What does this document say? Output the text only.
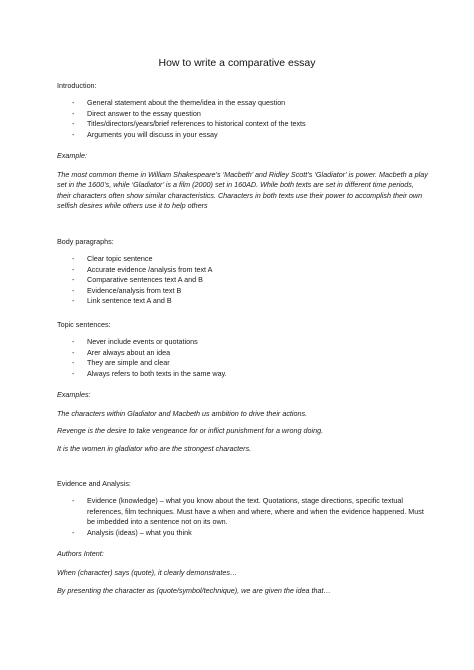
How to write a comparative essay
Introduction:
- General statement about the theme/idea in the essay question
- Direct answer to the essay question
- Titles/directors/years/brief references to historical context of the texts
- Arguments you will discuss in your essay
Example:
The most common theme in William Shakespeare’s ‘Macbeth’ and Ridley Scott’s ‘Gladiator’ is power. Macbeth a play set in the 1600’s, while ‘Gladiator’ is a film (2000) set in 160AD. While both texts are set in different time periods, their characters often show similar characteristics. Characters in both texts use their power to accomplish their own selfish desires while others use it to help others
Body paragraphs:
- Clear topic sentence
- Accurate evidence /analysis from text A
- Comparative sentences text A and B
- Evidence/analysis from text B
- Link sentence text A and B
Topic sentences:
- Never include events or quotations
- Arer always about an idea
- They are simple and clear
- Always refers to both texts in the same way.
Examples:
The characters within Gladiator and Macbeth us ambition to drive their actions.
Revenge is the desire to take vengeance for or inflict punishment for a wrong doing.
It is the women in gladiator who are the strongest characters.
Evidence and Analysis:
- Evidence (knowledge) – what you know about the text. Quotations, stage directions, specific textual references, film techniques. Must have a when and where, where and when the evidence happened. Must be imbedded into a sentence not on its own.
- Analysis (ideas) – what you think
Authors Intent:
When (character) says (quote), it clearly demonstrates…
By presenting the character as (quote/symbol/technique), we are given the idea that…
